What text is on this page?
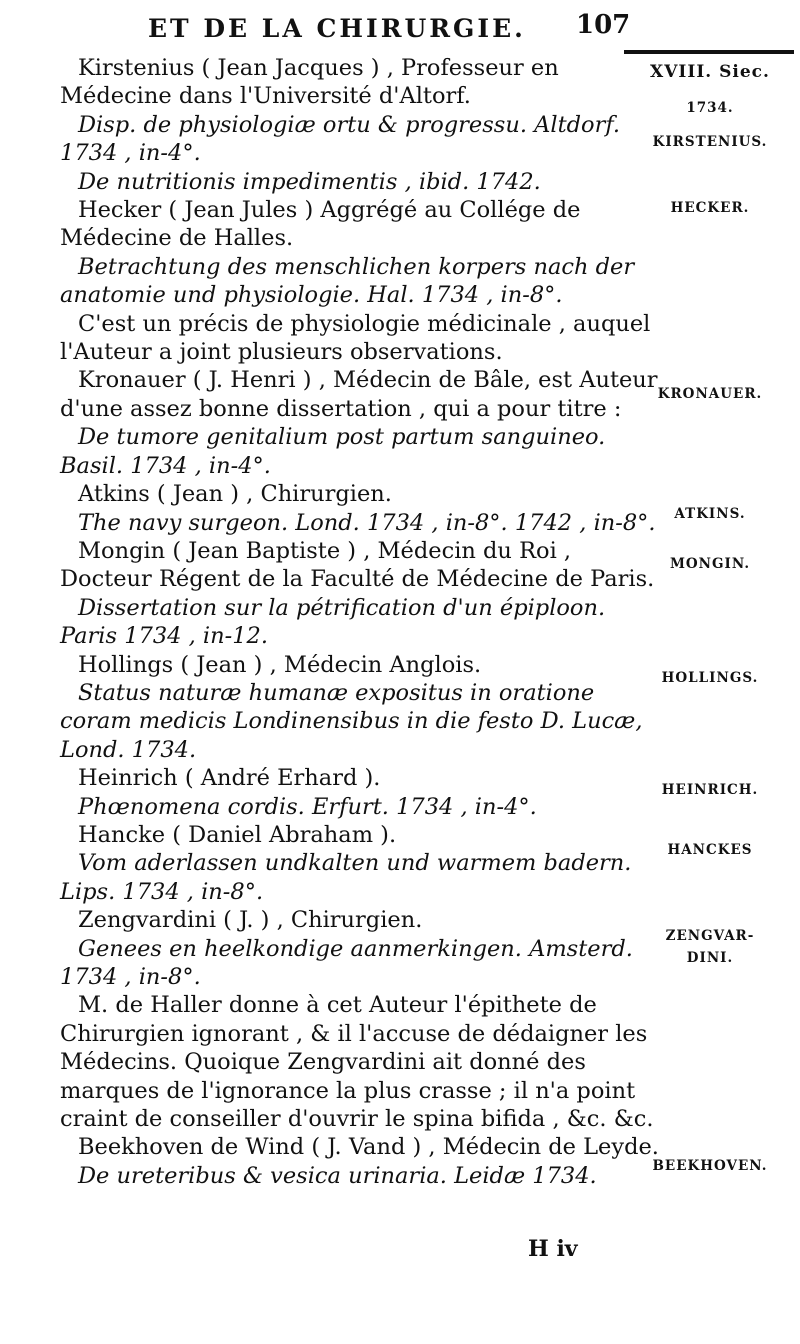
ET DE LA CHIRURGIE. 107
XVIII. Siec.
1734.
KIRSTENIUS.
HECKER.
KRONAUER.
ATKINS.
MONGIN.
HOLLINGS.
HEINRICH.
HANCKES
ZENGVAR-
DINI.
BEEKHOVEN.

Kirstenius ( Jean Jacques ) , Professeur en Médecine dans l'Université d'Altorf.

Disp. de physiologiæ ortu & progressu. Altdorf. 1734 , in-4°.

De nutritionis impedimentis , ibid. 1742.

Hecker ( Jean Jules ) Aggrégé au Collége de Médecine de Halles.

Betrachtung des menschlichen korpers nach der anatomie und physiologie. Hal. 1734 , in-8°.

C'est un précis de physiologie médicinale , auquel l'Auteur a joint plusieurs observations.

Kronauer ( J. Henri ) , Médecin de Bâle, est Auteur d'une assez bonne dissertation , qui a pour titre :

De tumore genitalium post partum sanguineo. Basil. 1734 , in-4°.

Atkins ( Jean ) , Chirurgien.

The navy surgeon. Lond. 1734 , in-8°. 1742 , in-8°.

Mongin ( Jean Baptiste ) , Médecin du Roi , Docteur Régent de la Faculté de Médecine de Paris.

Dissertation sur la pétrification d'un épiploon. Paris 1734 , in-12.

Hollings ( Jean ) , Médecin Anglois.

Status naturæ humanæ expositus in oratione coram medicis Londinensibus in die festo D. Lucæ, Lond. 1734.

Heinrich ( André Erhard ).

Phœnomena cordis. Erfurt. 1734 , in-4°.

Hancke ( Daniel Abraham ).

Vom aderlassen undkalten und warmem badern. Lips. 1734 , in-8°.

Zengvardini ( J. ) , Chirurgien.

Genees en heelkondige aanmerkingen. Amsterd. 1734 , in-8°.

M. de Haller donne à cet Auteur l'épithete de Chirurgien ignorant , & il l'accuse de dédaigner les Médecins. Quoique Zengvardini ait donné des marques de l'ignorance la plus crasse ; il n'a point craint de conseiller d'ouvrir le spina bifida , &c. &c.

Beekhoven de Wind ( J. Vand ) , Médecin de Leyde.

De ureteribus & vesica urinaria. Leidæ 1734.

H iv
